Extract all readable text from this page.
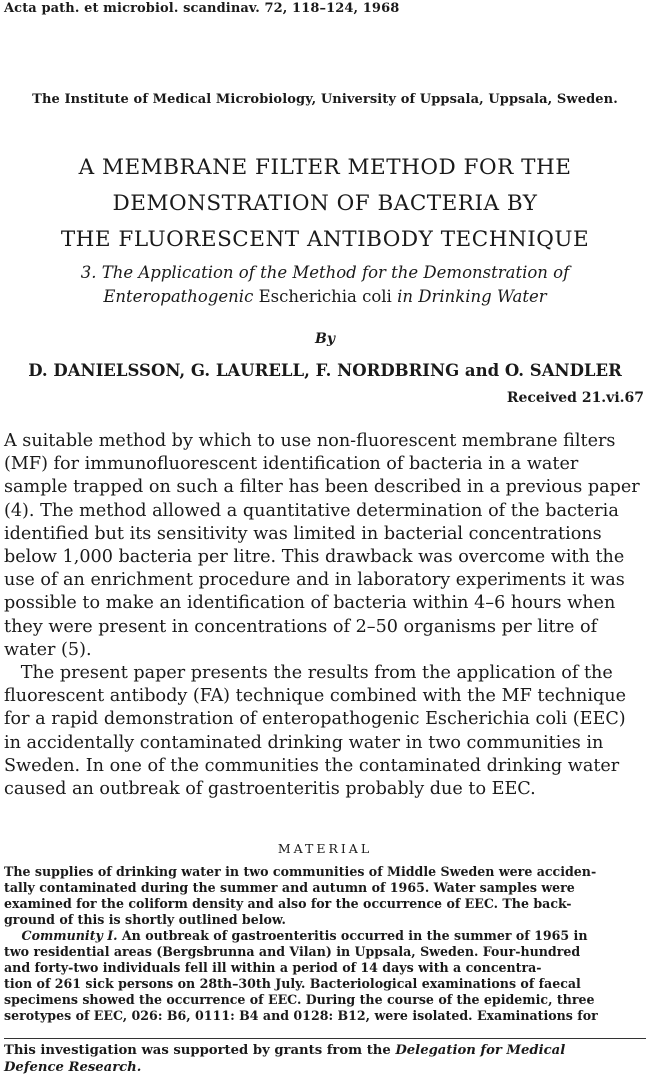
Acta path. et microbiol. scandinav. 72, 118–124, 1968
The Institute of Medical Microbiology, University of Uppsala, Uppsala, Sweden.
A MEMBRANE FILTER METHOD FOR THE
DEMONSTRATION OF BACTERIA BY
THE FLUORESCENT ANTIBODY TECHNIQUE
3. The Application of the Method for the Demonstration of
Enteropathogenic Escherichia coli in Drinking Water
By
D. DANIELSSON, G. LAURELL, F. NORDBRING and O. SANDLER
Received 21.vi.67
A suitable method by which to use non-fluorescent membrane filters
(MF) for immunofluorescent identification of bacteria in a water
sample trapped on such a filter has been described in a previous paper
(4). The method allowed a quantitative determination of the bacteria
identified but its sensitivity was limited in bacterial concentrations
below 1,000 bacteria per litre. This drawback was overcome with the
use of an enrichment procedure and in laboratory experiments it was
possible to make an identification of bacteria within 4–6 hours when
they were present in concentrations of 2–50 organisms per litre of
water (5).
The present paper presents the results from the application of the
fluorescent antibody (FA) technique combined with the MF technique
for a rapid demonstration of enteropathogenic Escherichia coli (EEC)
in accidentally contaminated drinking water in two communities in
Sweden. In one of the communities the contaminated drinking water
caused an outbreak of gastroenteritis probably due to EEC.
MATERIAL
The supplies of drinking water in two communities of Middle Sweden were acciden-
tally contaminated during the summer and autumn of 1965. Water samples were
examined for the coliform density and also for the occurrence of EEC. The back-
ground of this is shortly outlined below.
Community I. An outbreak of gastroenteritis occurred in the summer of 1965 in
two residential areas (Bergsbrunna and Vilan) in Uppsala, Sweden. Four-hundred
and forty-two individuals fell ill within a period of 14 days with a concentra-
tion of 261 sick persons on 28th–30th July. Bacteriological examinations of faecal
specimens showed the occurrence of EEC. During the course of the epidemic, three
serotypes of EEC, 026: B6, 0111: B4 and 0128: B12, were isolated. Examinations for
This investigation was supported by grants from the Delegation for Medical
Defence Research.
